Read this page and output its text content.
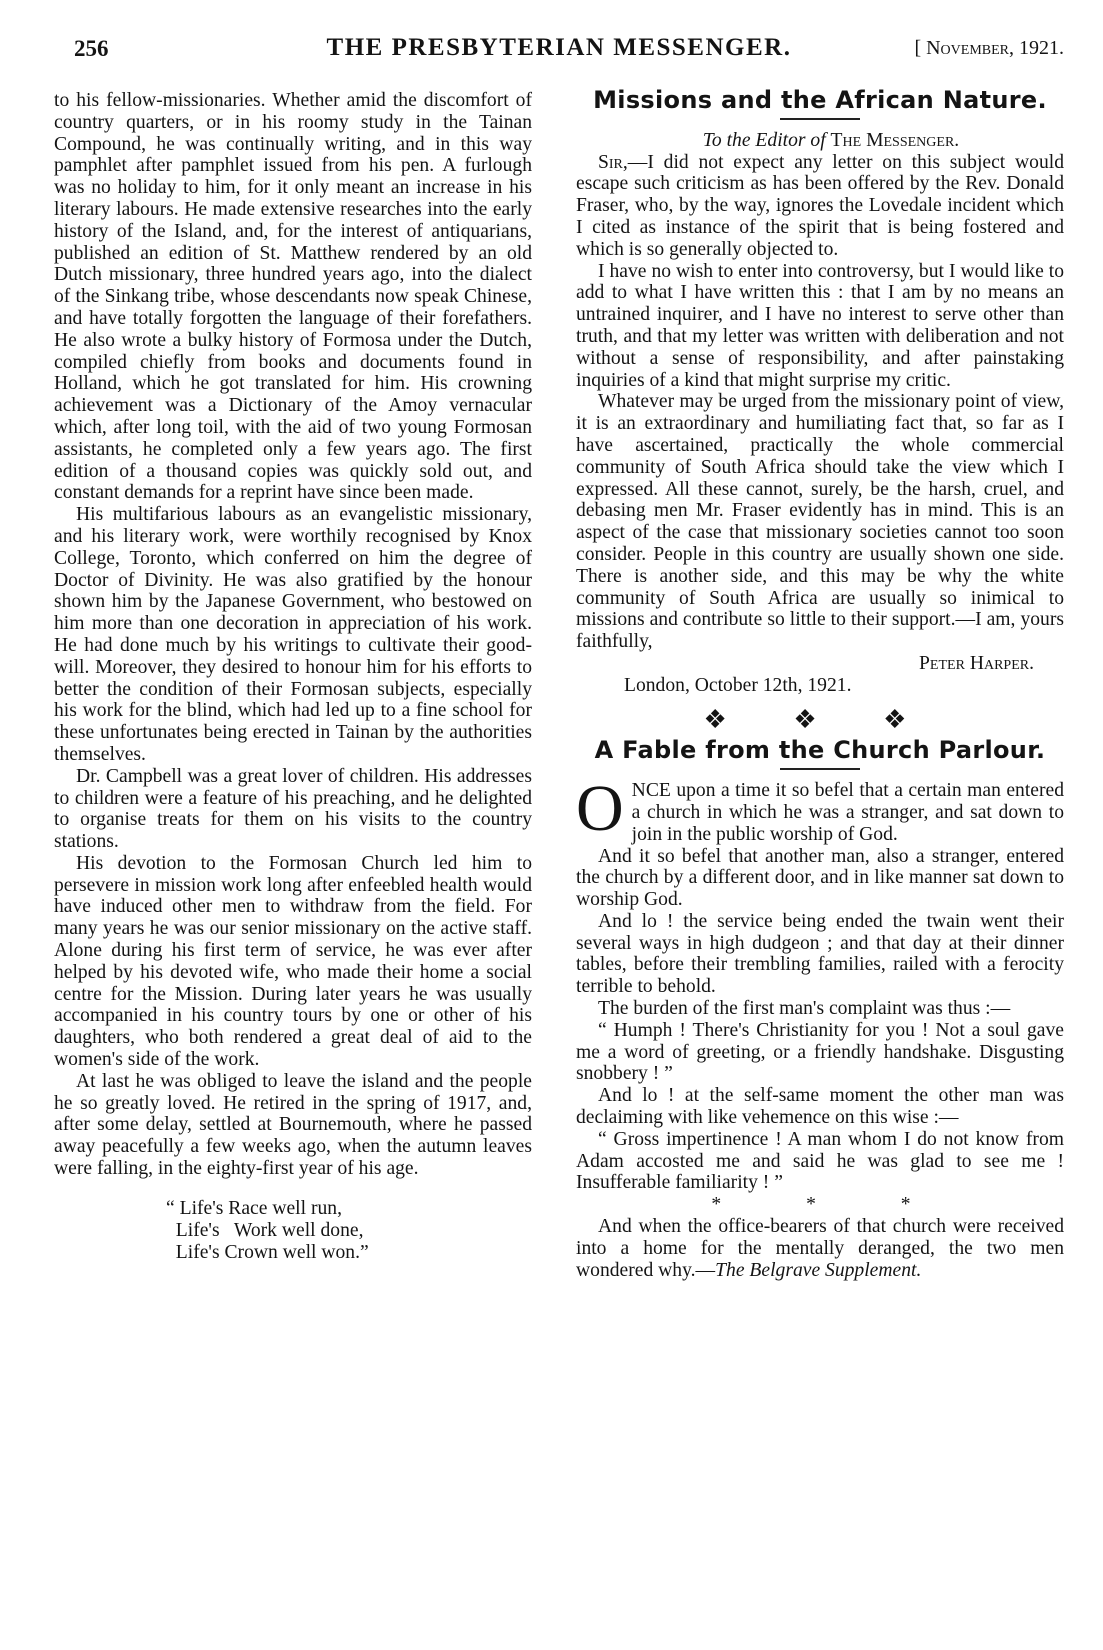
256	THE PRESBYTERIAN MESSENGER.	[ November, 1921.

to his fellow-missionaries. Whether amid the discomfort of country quarters, or in his roomy study in the Tainan Compound, he was continually writing, and in this way pamphlet after pamphlet issued from his pen. A furlough was no holiday to him, for it only meant an increase in his literary labours. He made extensive researches into the early history of the Island, and, for the interest of antiquarians, published an edition of St. Matthew rendered by an old Dutch missionary, three hundred years ago, into the dialect of the Sinkang tribe, whose descendants now speak Chinese, and have totally forgotten the language of their forefathers. He also wrote a bulky history of Formosa under the Dutch, compiled chiefly from books and documents found in Holland, which he got translated for him. His crowning achievement was a Dictionary of the Amoy vernacular which, after long toil, with the aid of two young Formosan assistants, he completed only a few years ago. The first edition of a thousand copies was quickly sold out, and constant demands for a reprint have since been made.

His multifarious labours as an evangelistic missionary, and his literary work, were worthily recognised by Knox College, Toronto, which conferred on him the degree of Doctor of Divinity. He was also gratified by the honour shown him by the Japanese Government, who bestowed on him more than one decoration in appreciation of his work. He had done much by his writings to cultivate their good-will. Moreover, they desired to honour him for his efforts to better the condition of their Formosan subjects, especially his work for the blind, which had led up to a fine school for these unfortunates being erected in Tainan by the authorities themselves.

Dr. Campbell was a great lover of children. His addresses to children were a feature of his preaching, and he delighted to organise treats for them on his visits to the country stations.

His devotion to the Formosan Church led him to persevere in mission work long after enfeebled health would have induced other men to withdraw from the field. For many years he was our senior missionary on the active staff. Alone during his first term of service, he was ever after helped by his devoted wife, who made their home a social centre for the Mission. During later years he was usually accompanied in his country tours by one or other of his daughters, who both rendered a great deal of aid to the women's side of the work.

At last he was obliged to leave the island and the people he so greatly loved. He retired in the spring of 1917, and, after some delay, settled at Bournemouth, where he passed away peacefully a few weeks ago, when the autumn leaves were falling, in the eighty-first year of his age.

“ Life's Race well run,
Life's   Work well done,
Life's Crown well won.”
Missions and the African Nature.

To the Editor of The Messenger.

Sir,—I did not expect any letter on this subject would escape such criticism as has been offered by the Rev. Donald Fraser, who, by the way, ignores the Lovedale incident which I cited as instance of the spirit that is being fostered and which is so generally objected to.

I have no wish to enter into controversy, but I would like to add to what I have written this : that I am by no means an untrained inquirer, and I have no interest to serve other than truth, and that my letter was written with deliberation and not without a sense of responsibility, and after painstaking inquiries of a kind that might surprise my critic.

Whatever may be urged from the missionary point of view, it is an extraordinary and humiliating fact that, so far as I have ascertained, practically the whole commercial community of South Africa should take the view which I expressed. All these cannot, surely, be the harsh, cruel, and debasing men Mr. Fraser evidently has in mind. This is an aspect of the case that missionary societies cannot too soon consider. People in this country are usually shown one side. There is another side, and this may be why the white community of South Africa are usually so inimical to missions and contribute so little to their support.—I am, yours faithfully,

Peter Harper.

London, October 12th, 1921.

❖ ❖ ❖
A Fable from the Church Parlour.

ONCE upon a time it so befel that a certain man entered a church in which he was a stranger, and sat down to join in the public worship of God.

And it so befel that another man, also a stranger, entered the church by a different door, and in like manner sat down to worship God.

And lo ! the service being ended the twain went their several ways in high dudgeon ; and that day at their dinner tables, before their trembling families, railed with a ferocity terrible to behold.

The burden of the first man's complaint was thus :—

“ Humph ! There's Christianity for you ! Not a soul gave me a word of greeting, or a friendly handshake. Disgusting snobbery ! ”

And lo ! at the self-same moment the other man was declaiming with like vehemence on this wise :—

“ Gross impertinence ! A man whom I do not know from Adam accosted me and said he was glad to see me ! Insufferable familiarity ! ”

* * *

And when the office-bearers of that church were received into a home for the mentally deranged, the two men wondered why.—The Belgrave Supplement.
